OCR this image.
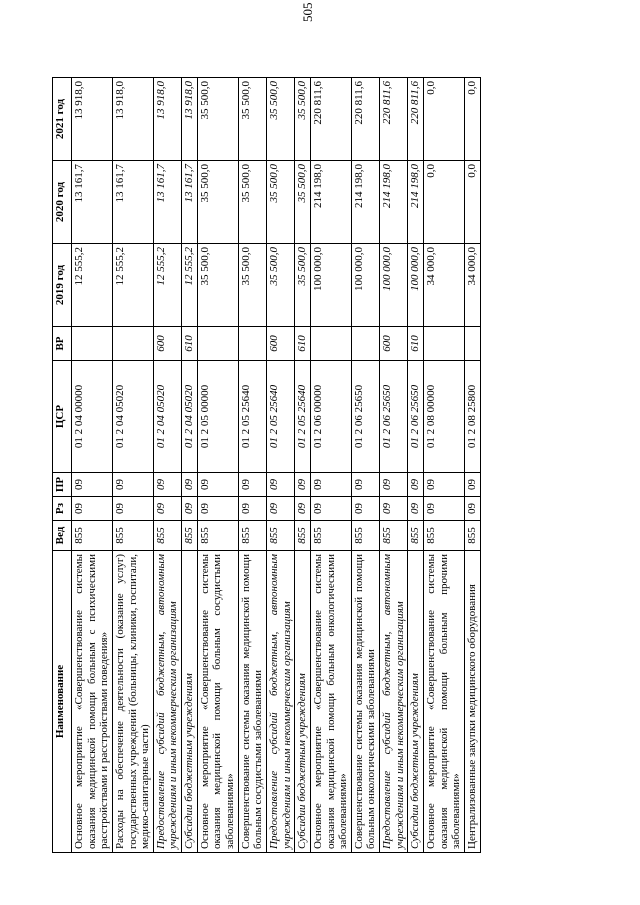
505
Наименование	Вед	Рз	ПР	ЦСР	ВР	2019 год	2020 год	2021 год
Основное мероприятие «Совершенствование системы оказания медицинской помощи больным с психическими расстройствами и расстройствами поведения»	855	09	09	01 2 04 00000		12 555,2	13 161,7	13 918,0
Расходы на обеспечение деятельности (оказание услуг) государственных учреждений (больницы, клиники, госпитали, медико-санитарные части)	855	09	09	01 2 04 05020		12 555,2	13 161,7	13 918,0
Предоставление субсидий бюджетным, автономным учреждениям и иным некоммерческим организациям	855	09	09	01 2 04 05020	600	12 555,2	13 161,7	13 918,0
Субсидии бюджетным учреждениям	855	09	09	01 2 04 05020	610	12 555,2	13 161,7	13 918,0
Основное мероприятие «Совершенствование системы оказания медицинской помощи больным сосудистыми заболеваниями»	855	09	09	01 2 05 00000		35 500,0	35 500,0	35 500,0
Совершенствование системы оказания медицинской помощи больным сосудистыми заболеваниями	855	09	09	01 2 05 25640		35 500,0	35 500,0	35 500,0
Предоставление субсидий бюджетным, автономным учреждениям и иным некоммерческим организациям	855	09	09	01 2 05 25640	600	35 500,0	35 500,0	35 500,0
Субсидии бюджетным учреждениям	855	09	09	01 2 05 25640	610	35 500,0	35 500,0	35 500,0
Основное мероприятие «Совершенствование системы оказания медицинской помощи больным онкологическими заболеваниями»	855	09	09	01 2 06 00000		100 000,0	214 198,0	220 811,6
Совершенствование системы оказания медицинской помощи больным онкологическими заболеваниями	855	09	09	01 2 06 25650		100 000,0	214 198,0	220 811,6
Предоставление субсидий бюджетным, автономным учреждениям и иным некоммерческим организациям	855	09	09	01 2 06 25650	600	100 000,0	214 198,0	220 811,6
Субсидии бюджетным учреждениям	855	09	09	01 2 06 25650	610	100 000,0	214 198,0	220 811,6
Основное мероприятие «Совершенствование системы оказания медицинской помощи больным прочими заболеваниями»	855	09	09	01 2 08 00000		34 000,0	0,0	0,0
Централизованные закупки медицинского оборудования	855	09	09	01 2 08 25800		34 000,0	0,0	0,0
